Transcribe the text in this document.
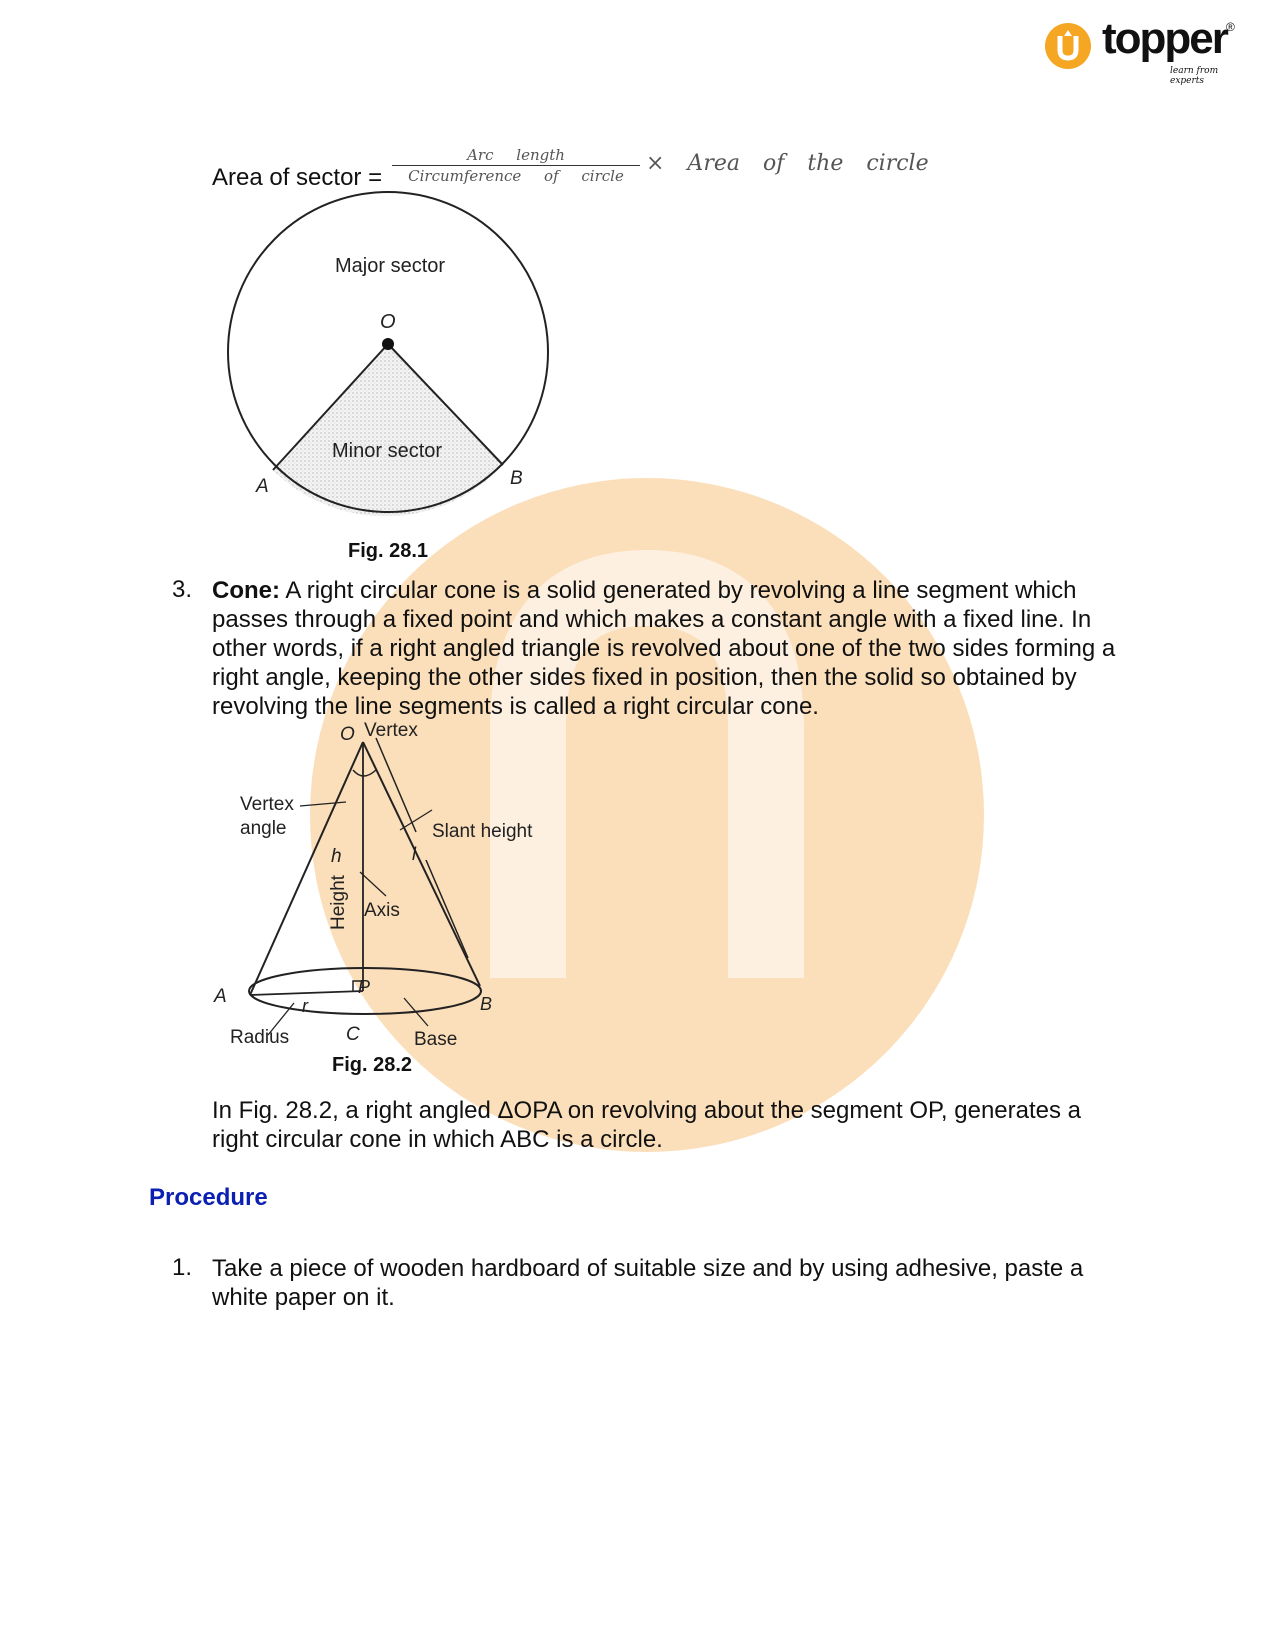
topper ®
learn from experts
Area of sector =
Arc length
Circumference of circle	× Area of the circle
Major sector
O
Minor sector
A	B
Fig. 28.1
3. Cone: A right circular cone is a solid generated by revolving a line segment which passes through a fixed point and which makes a constant angle with a fixed line. In other words, if a right angled triangle is revolved about one of the two sides forming a right angle, keeping the other sides fixed in position, then the solid so obtained by revolving the line segments is called a right circular cone.
O Vertex
Vertex
angle	Slant height
l
h
Height Axis
A	P
B
r
Radius	C	Base
Fig. 28.2
In Fig. 28.2, a right angled ΔOPA on revolving about the segment OP, generates a right circular cone in which ABC is a circle.
Procedure
1. Take a piece of wooden hardboard of suitable size and by using adhesive, paste a white paper on it.
